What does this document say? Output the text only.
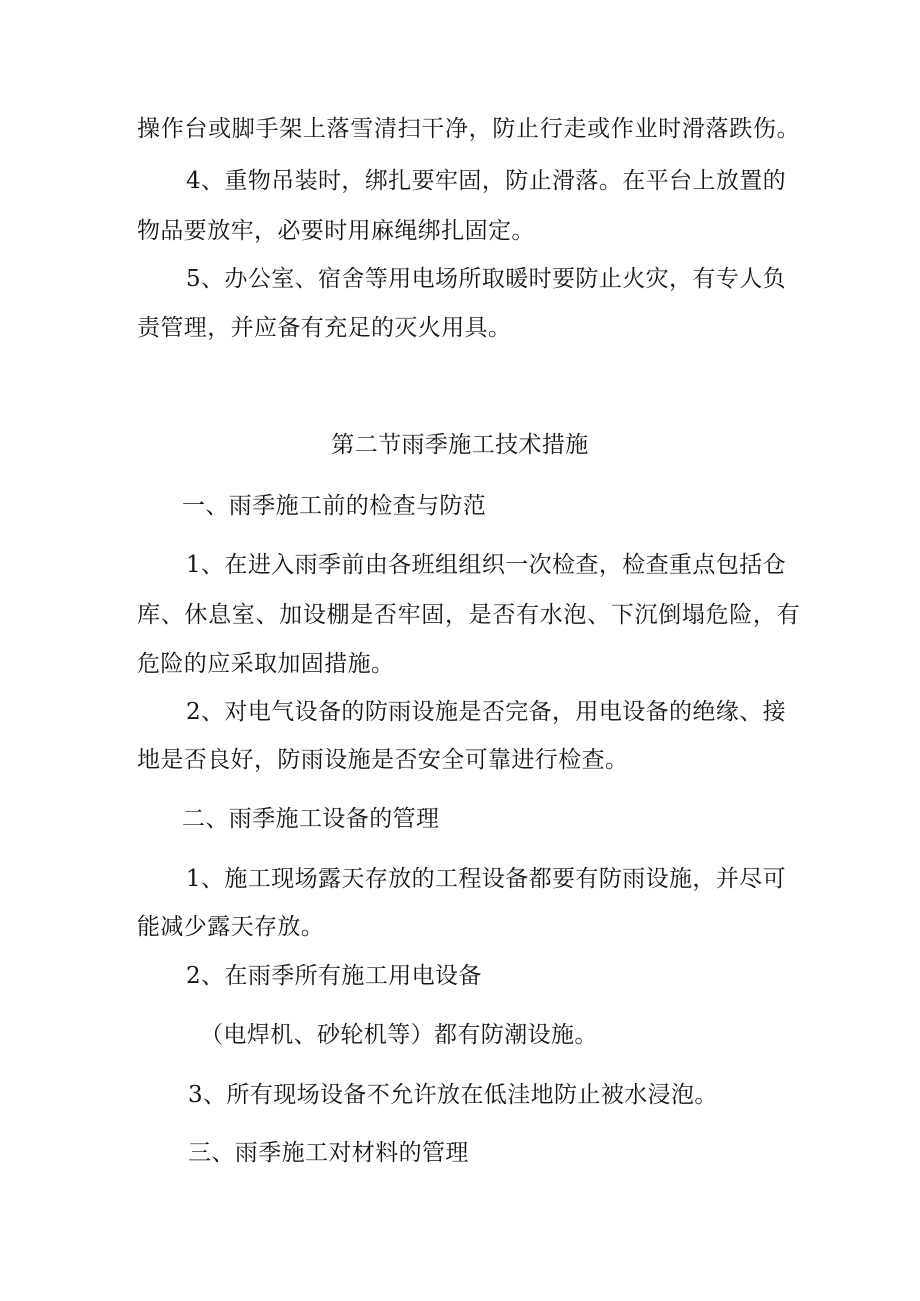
操作台或脚手架上落雪清扫干净，防止行走或作业时滑落跌伤。
4、重物吊装时，绑扎要牢固，防止滑落。在平台上放置的
物品要放牢，必要时用麻绳绑扎固定。
5、办公室、宿舍等用电场所取暖时要防止火灾，有专人负
责管理，并应备有充足的灭火用具。
第二节雨季施工技术措施
一、雨季施工前的检查与防范
1、在进入雨季前由各班组组织一次检查，检查重点包括仓
库、休息室、加设棚是否牢固，是否有水泡、下沉倒塌危险，有
危险的应采取加固措施。
2、对电气设备的防雨设施是否完备，用电设备的绝缘、接
地是否良好，防雨设施是否安全可靠进行检查。
二、雨季施工设备的管理
1、施工现场露天存放的工程设备都要有防雨设施，并尽可
能减少露天存放。
2、在雨季所有施工用电设备
（电焊机、砂轮机等）都有防潮设施。
3、所有现场设备不允许放在低洼地防止被水浸泡。
三、雨季施工对材料的管理
